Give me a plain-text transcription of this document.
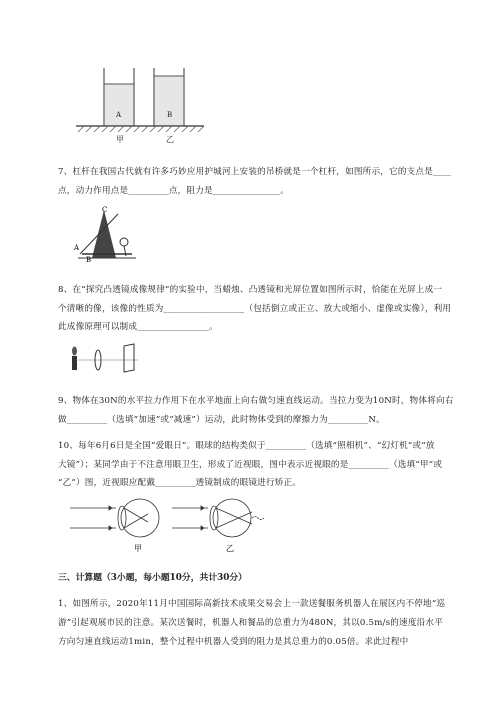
A	B
甲	乙
7、杠杆在我国古代就有许多巧妙应用护城河上安装的吊桥就是一个杠杆，如图所示，它的支点是____
点，动力作用点是_________点，阻力是_______________。
C
A
B
8、在“探究凸透镜成像规律”的实验中，当蜡烛、凸透镜和光屏位置如图所示时，恰能在光屏上成一
个清晰的像，该像的性质为__________________（包括倒立或正立、放大或缩小、虚像或实像），利用
此成像原理可以制成________________。
9、物体在30N的水平拉力作用下在水平地面上向右做匀速直线运动。当拉力变为10N时，物体将向右
做_________（选填“加速”或“减速”）运动，此时物体受到的摩擦力为_________N。
10、每年6月6日是全国“爱眼日”。眼球的结构类似于_________（选填“照相机”、“幻灯机”或“放
大镜”）；某同学由于不注意用眼卫生，形成了近视眼，图中表示近视眼的是_________（选填“甲”或
“乙”）图，近视眼应配戴_________透镜制成的眼镜进行矫正。
甲	乙
三、计算题（3小题，每小题10分，共计30分）
1、如图所示，2020年11月中国国际高新技术成果交易会上一款送餐服务机器人在展区内不停地“巡
游”引起观展市民的注意。某次送餐时，机器人和餐品的总重力为480N，其以0.5m/s的速度沿水平
方向匀速直线运动1min，整个过程中机器人受到的阻力是其总重力的0.05倍。求此过程中
